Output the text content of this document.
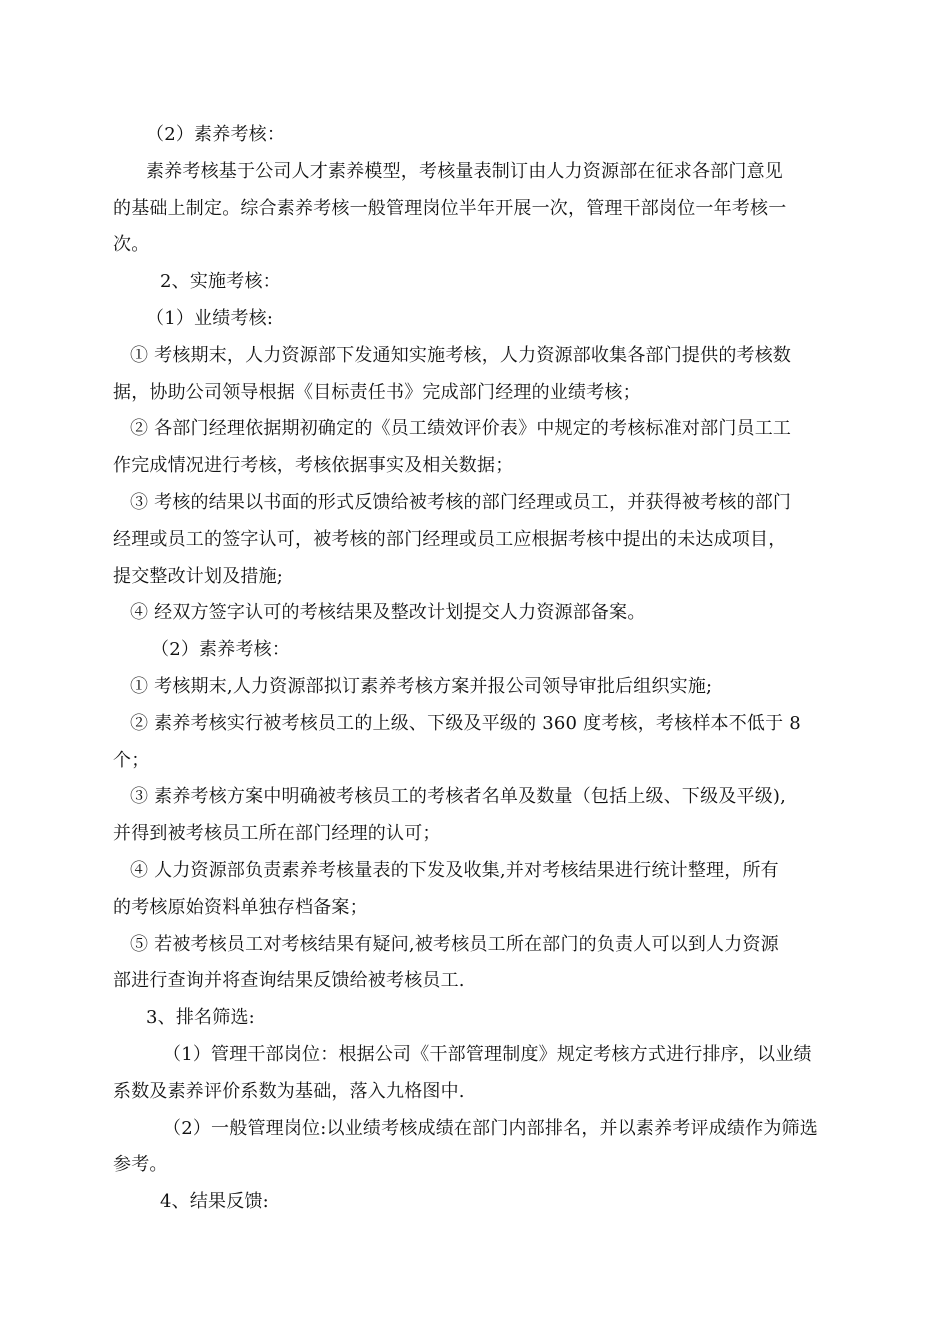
（2）素养考核：
素养考核基于公司人才素养模型，考核量表制订由人力资源部在征求各部门意见
的基础上制定。综合素养考核一般管理岗位半年开展一次，管理干部岗位一年考核一
次。
2、实施考核：
（1）业绩考核:
① 考核期末，人力资源部下发通知实施考核，人力资源部收集各部门提供的考核数
据，协助公司领导根据《目标责任书》完成部门经理的业绩考核；
② 各部门经理依据期初确定的《员工绩效评价表》中规定的考核标准对部门员工工
作完成情况进行考核，考核依据事实及相关数据；
③ 考核的结果以书面的形式反馈给被考核的部门经理或员工，并获得被考核的部门
经理或员工的签字认可，被考核的部门经理或员工应根据考核中提出的未达成项目，
提交整改计划及措施;
④ 经双方签字认可的考核结果及整改计划提交人力资源部备案。
（2）素养考核：
① 考核期末,人力资源部拟订素养考核方案并报公司领导审批后组织实施;
② 素养考核实行被考核员工的上级、下级及平级的 360 度考核，考核样本不低于 8
个；
③ 素养考核方案中明确被考核员工的考核者名单及数量（包括上级、下级及平级),
并得到被考核员工所在部门经理的认可；
④ 人力资源部负责素养考核量表的下发及收集,并对考核结果进行统计整理，所有
的考核原始资料单独存档备案；
⑤ 若被考核员工对考核结果有疑问,被考核员工所在部门的负责人可以到人力资源
部进行查询并将查询结果反馈给被考核员工.
3、排名筛选:
（1）管理干部岗位：根据公司《干部管理制度》规定考核方式进行排序，以业绩
系数及素养评价系数为基础，落入九格图中.
（2）一般管理岗位:以业绩考核成绩在部门内部排名，并以素养考评成绩作为筛选
参考。
4、结果反馈:
